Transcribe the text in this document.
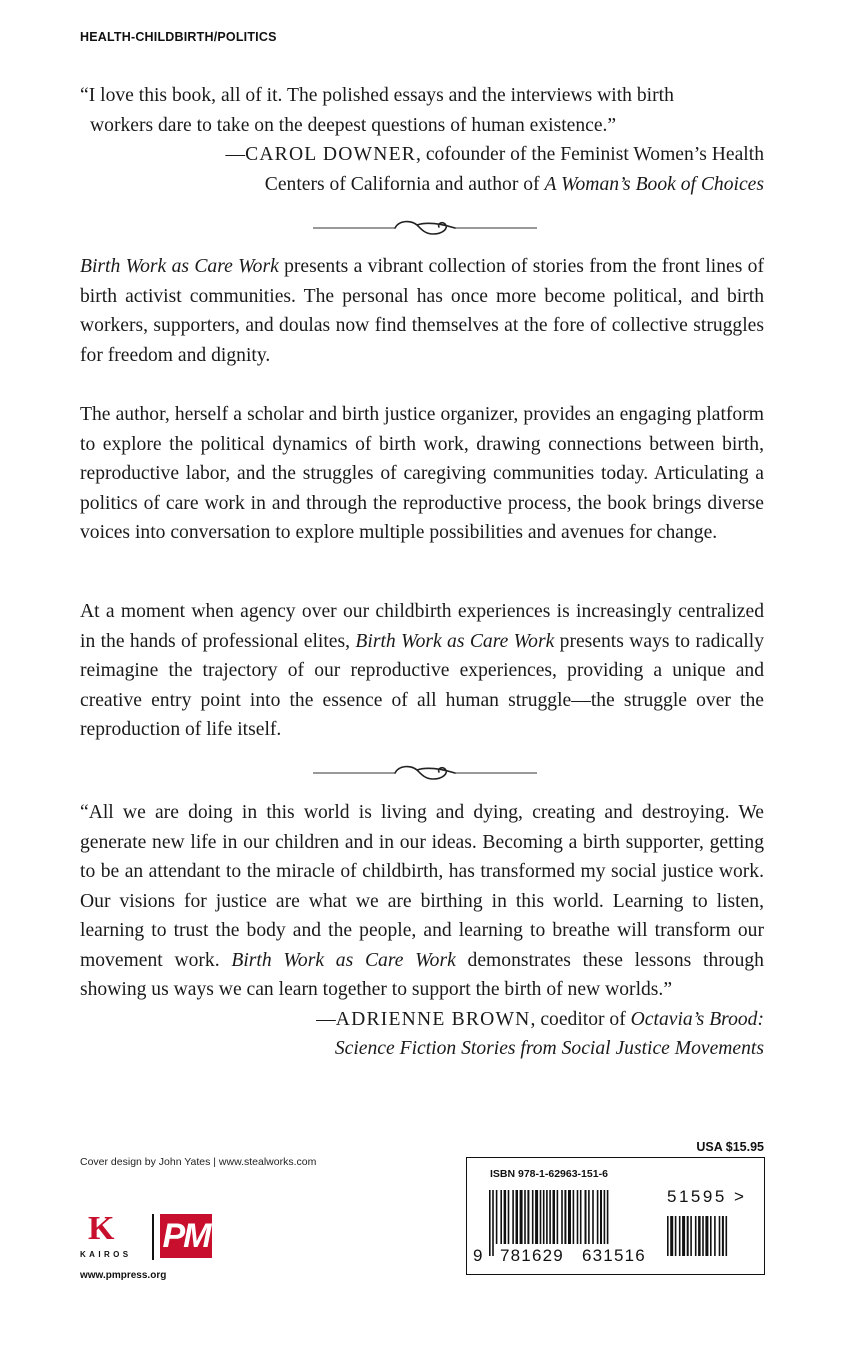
HEALTH-CHILDBIRTH/POLITICS
“I love this book, all of it. The polished essays and the interviews with birth
workers dare to take on the deepest questions of human existence.”
—CAROL DOWNER, cofounder of the Feminist Women’s Health
Centers of California and author of A Woman’s Book of Choices
Birth Work as Care Work presents a vibrant collection of stories from the front lines of birth activist communities. The personal has once more become political, and birth workers, supporters, and doulas now find themselves at the fore of collective struggles for freedom and dignity.
The author, herself a scholar and birth justice organizer, provides an engaging platform to explore the political dynamics of birth work, drawing connections between birth, reproductive labor, and the struggles of caregiving communities today. Articulating a politics of care work in and through the reproductive process, the book brings diverse voices into conversation to explore multiple possibilities and avenues for change.
At a moment when agency over our childbirth experiences is increasingly centralized in the hands of professional elites, Birth Work as Care Work presents ways to radically reimagine the trajectory of our reproductive experiences, providing a unique and creative entry point into the essence of all human struggle—the struggle over the reproduction of life itself.
“All we are doing in this world is living and dying, creating and destroying. We generate new life in our children and in our ideas. Becoming a birth supporter, getting to be an attendant to the miracle of childbirth, has transformed my social justice work. Our visions for justice are what we are birthing in this world. Learning to listen, learning to trust the body and the people, and learning to breathe will transform our movement work. Birth Work as Care Work demonstrates these lessons through showing us ways we can learn together to support the birth of new worlds.”
—ADRIENNE BROWN, coeditor of Octavia’s Brood:
Science Fiction Stories from Social Justice Movements
Cover design by John Yates | www.stealworks.com
K
KAIROS PM
www.pmpress.org
USA $15.95
ISBN 978-1-62963-151-6
51595 >
9 781629 631516
